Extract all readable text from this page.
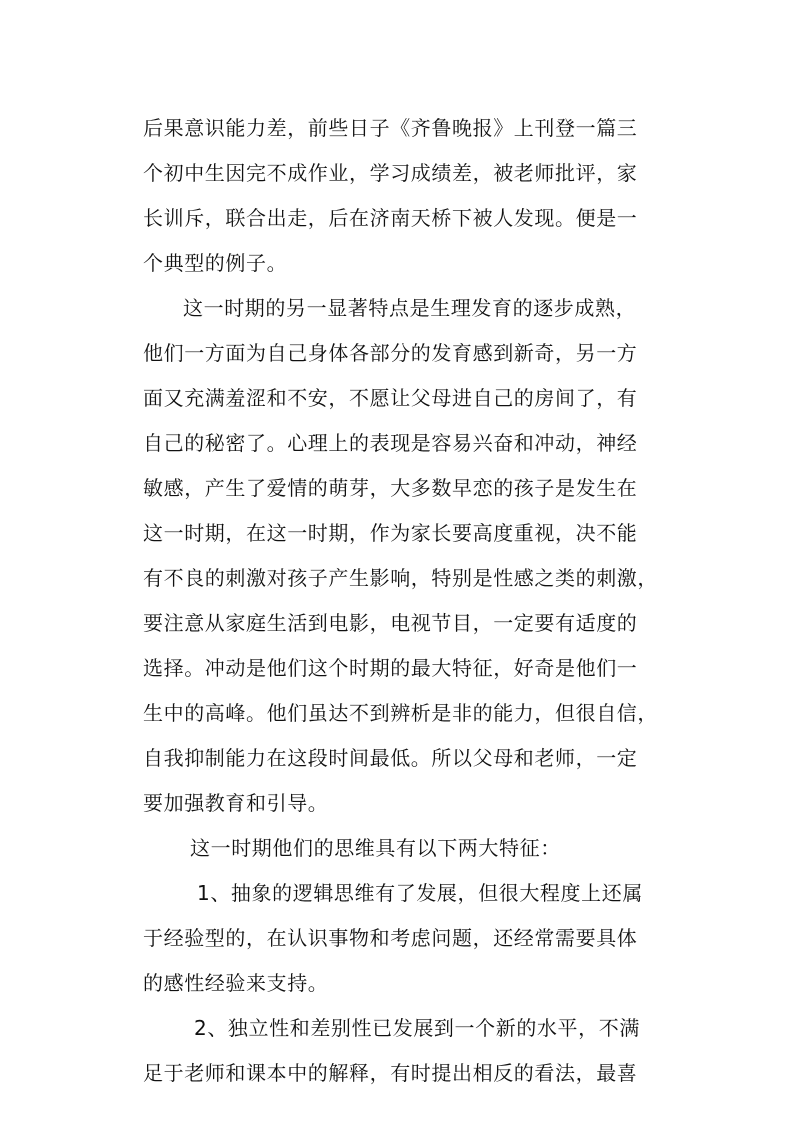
后果意识能力差，前些日子《齐鲁晚报》上刊登一篇三
个初中生因完不成作业，学习成绩差，被老师批评，家
长训斥，联合出走，后在济南天桥下被人发现。便是一
个典型的例子。
这一时期的另一显著特点是生理发育的逐步成熟，
他们一方面为自己身体各部分的发育感到新奇，另一方
面又充满羞涩和不安，不愿让父母进自己的房间了，有
自己的秘密了。心理上的表现是容易兴奋和冲动，神经
敏感，产生了爱情的萌芽，大多数早恋的孩子是发生在
这一时期，在这一时期，作为家长要高度重视，决不能
有不良的刺激对孩子产生影响，特别是性感之类的刺激，
要注意从家庭生活到电影，电视节目，一定要有适度的
选择。冲动是他们这个时期的最大特征，好奇是他们一
生中的高峰。他们虽达不到辨析是非的能力，但很自信，
自我抑制能力在这段时间最低。所以父母和老师，一定
要加强教育和引导。
这一时期他们的思维具有以下两大特征：
1、抽象的逻辑思维有了发展，但很大程度上还属
于经验型的，在认识事物和考虑问题，还经常需要具体
的感性经验来支持。
2、独立性和差别性已发展到一个新的水平，不满
足于老师和课本中的解释，有时提出相反的看法，最喜
